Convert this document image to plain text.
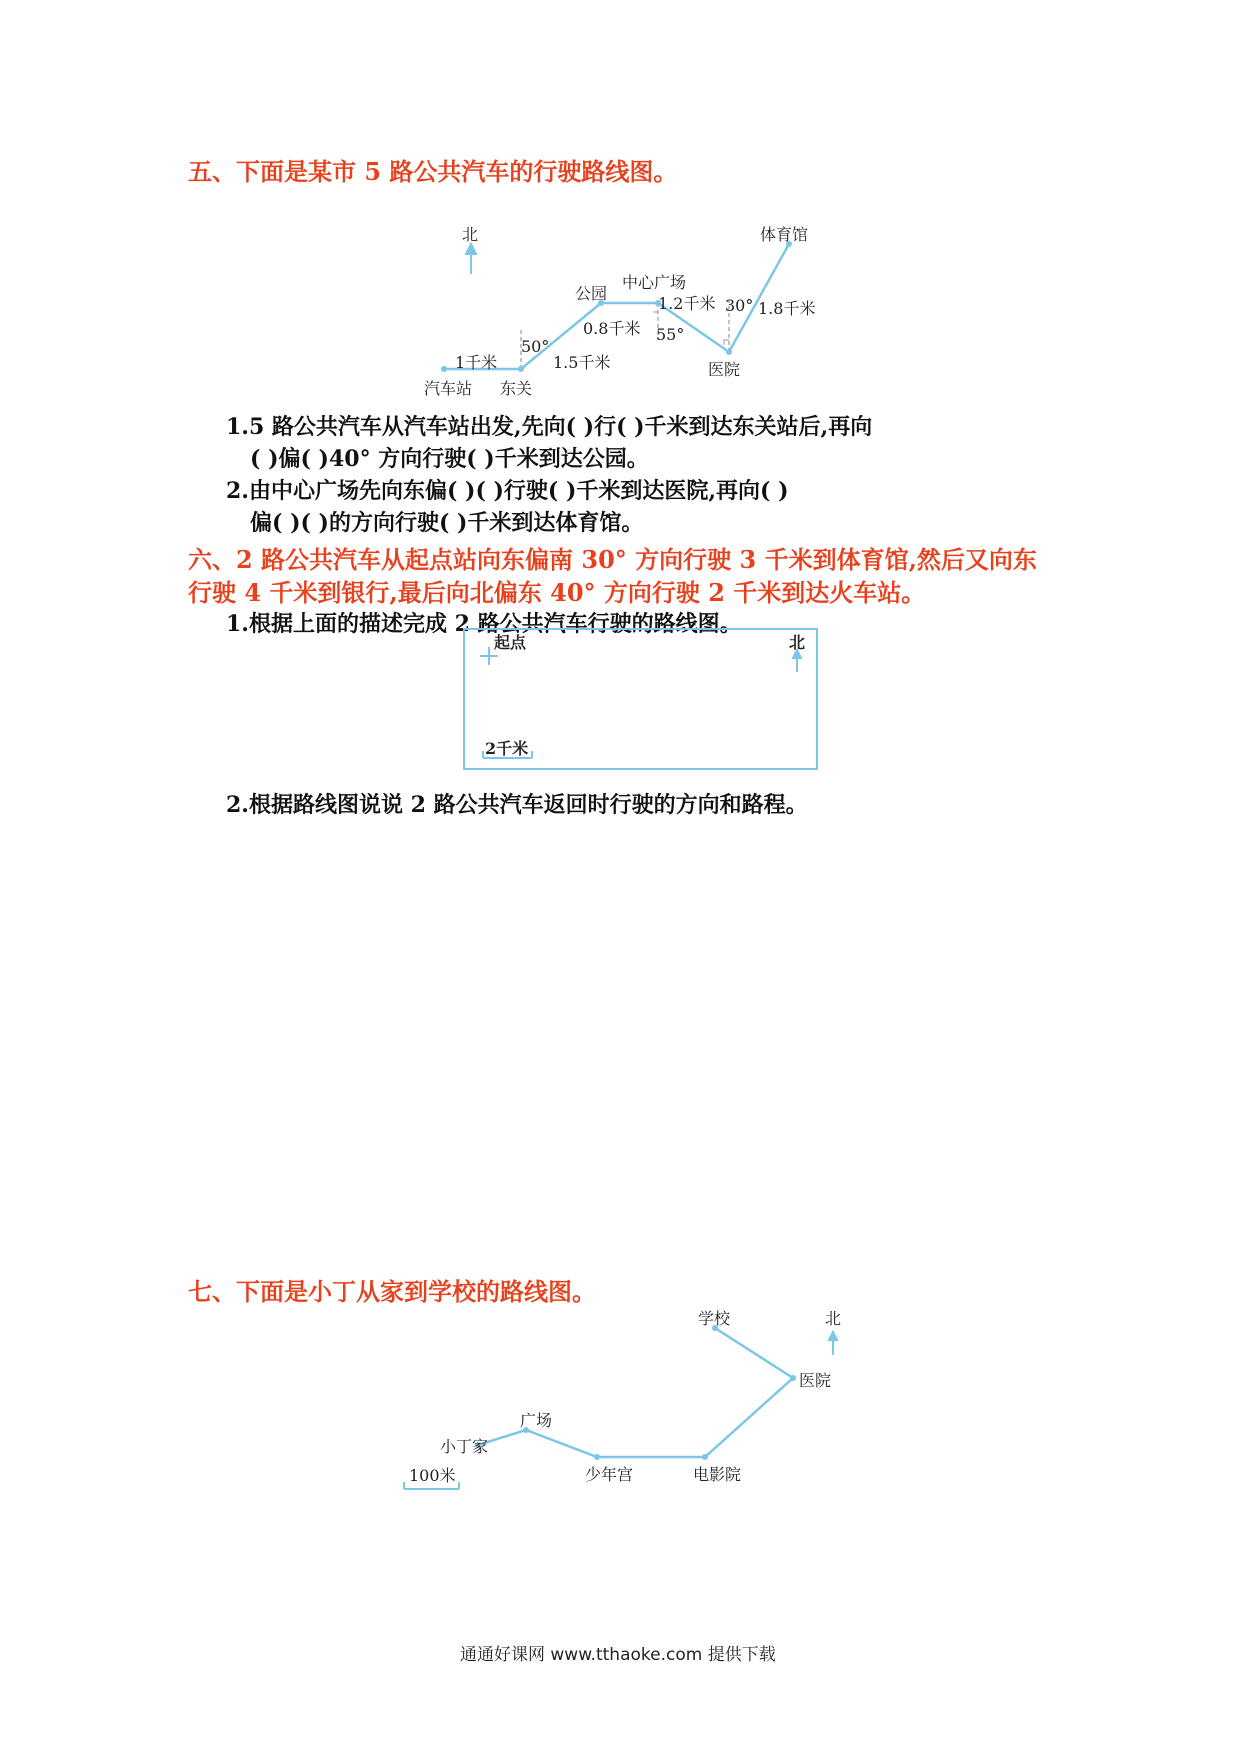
五、下面是某市 5 路公共汽车的行驶路线图。
北	体育馆
中心广场
公园
1.2千米 30° 1.8千米
0.8千米 55°
50°
1千米	1.5千米	医院
汽车站 东关
1.5 路公共汽车从汽车站出发,先向( )行( )千米到达东关站后,再向
( )偏( )40° 方向行驶( )千米到达公园。
2.由中心广场先向东偏( )( )行驶( )千米到达医院,再向( )
偏( )( )的方向行驶( )千米到达体育馆。
六、2 路公共汽车从起点站向东偏南 30° 方向行驶 3 千米到体育馆,然后又向东
行驶 4 千米到银行,最后向北偏东 40° 方向行驶 2 千米到达火车站。
1.根据上面的描述完成 2 路公共汽车行驶的路线图。
起点	北
2千米
2.根据路线图说说 2 路公共汽车返回时行驶的方向和路程。
七、下面是小丁从家到学校的路线图。
学校	北
医院
广场
小丁家
100米	少年宫	电影院
通通好课网 www.tthaoke.com 提供下载
